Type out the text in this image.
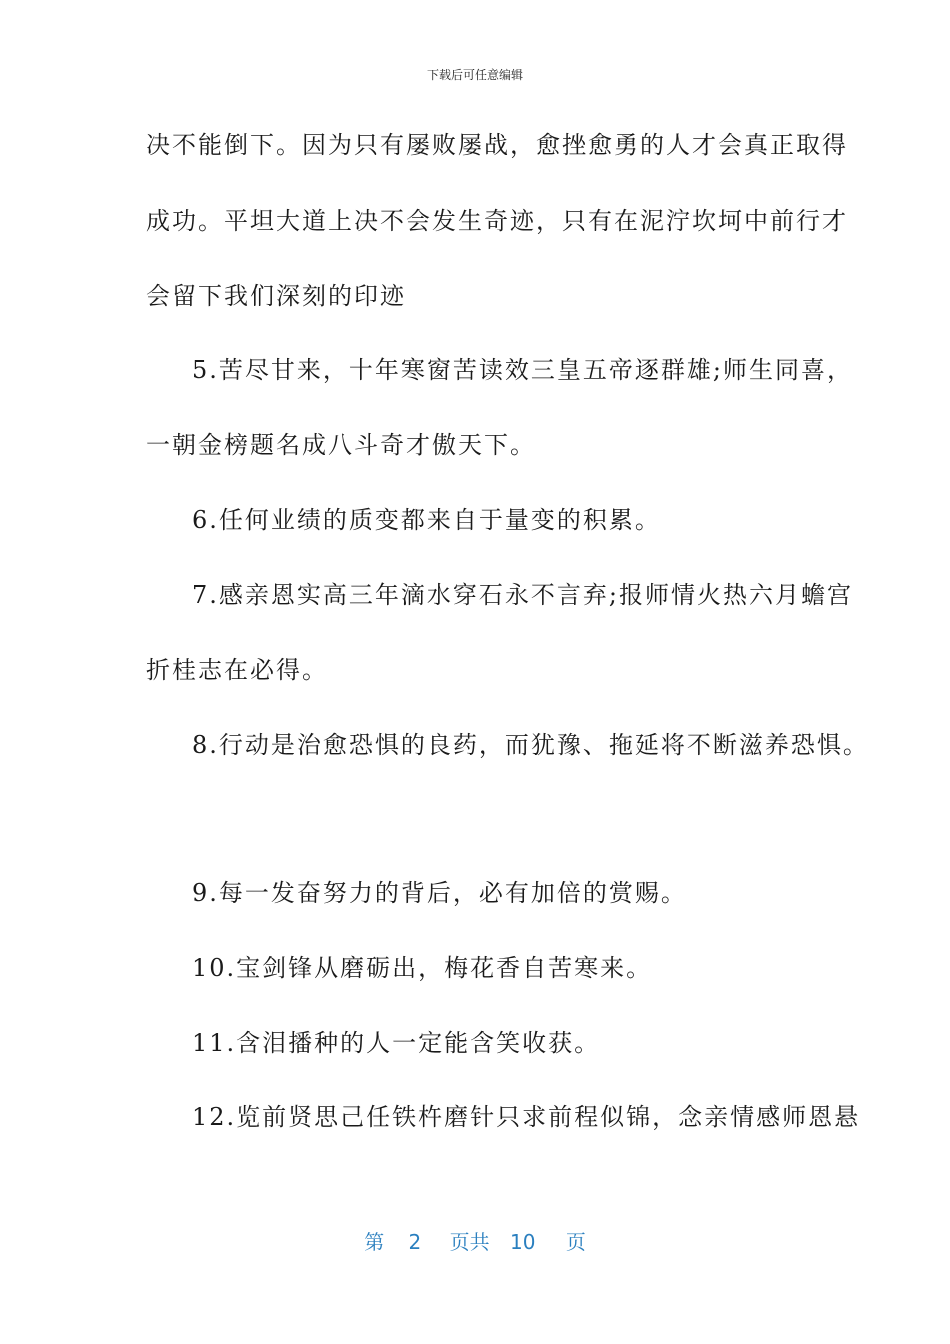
下载后可任意编辑
决不能倒下。因为只有屡败屡战，愈挫愈勇的人才会真正取得
成功。平坦大道上决不会发生奇迹，只有在泥泞坎坷中前行才
会留下我们深刻的印迹
5.苦尽甘来，十年寒窗苦读效三皇五帝逐群雄;师生同喜，
一朝金榜题名成八斗奇才傲天下。
6.任何业绩的质变都来自于量变的积累。
7.感亲恩实高三年滴水穿石永不言弃;报师情火热六月蟾宫
折桂志在必得。
8.行动是治愈恐惧的良药，而犹豫、拖延将不断滋养恐惧。
9.每一发奋努力的背后，必有加倍的赏赐。
10.宝剑锋从磨砺出，梅花香自苦寒来。
11.含泪播种的人一定能含笑收获。
12.览前贤思己任铁杵磨针只求前程似锦，念亲情感师恩悬
第 2 页共 10 页
